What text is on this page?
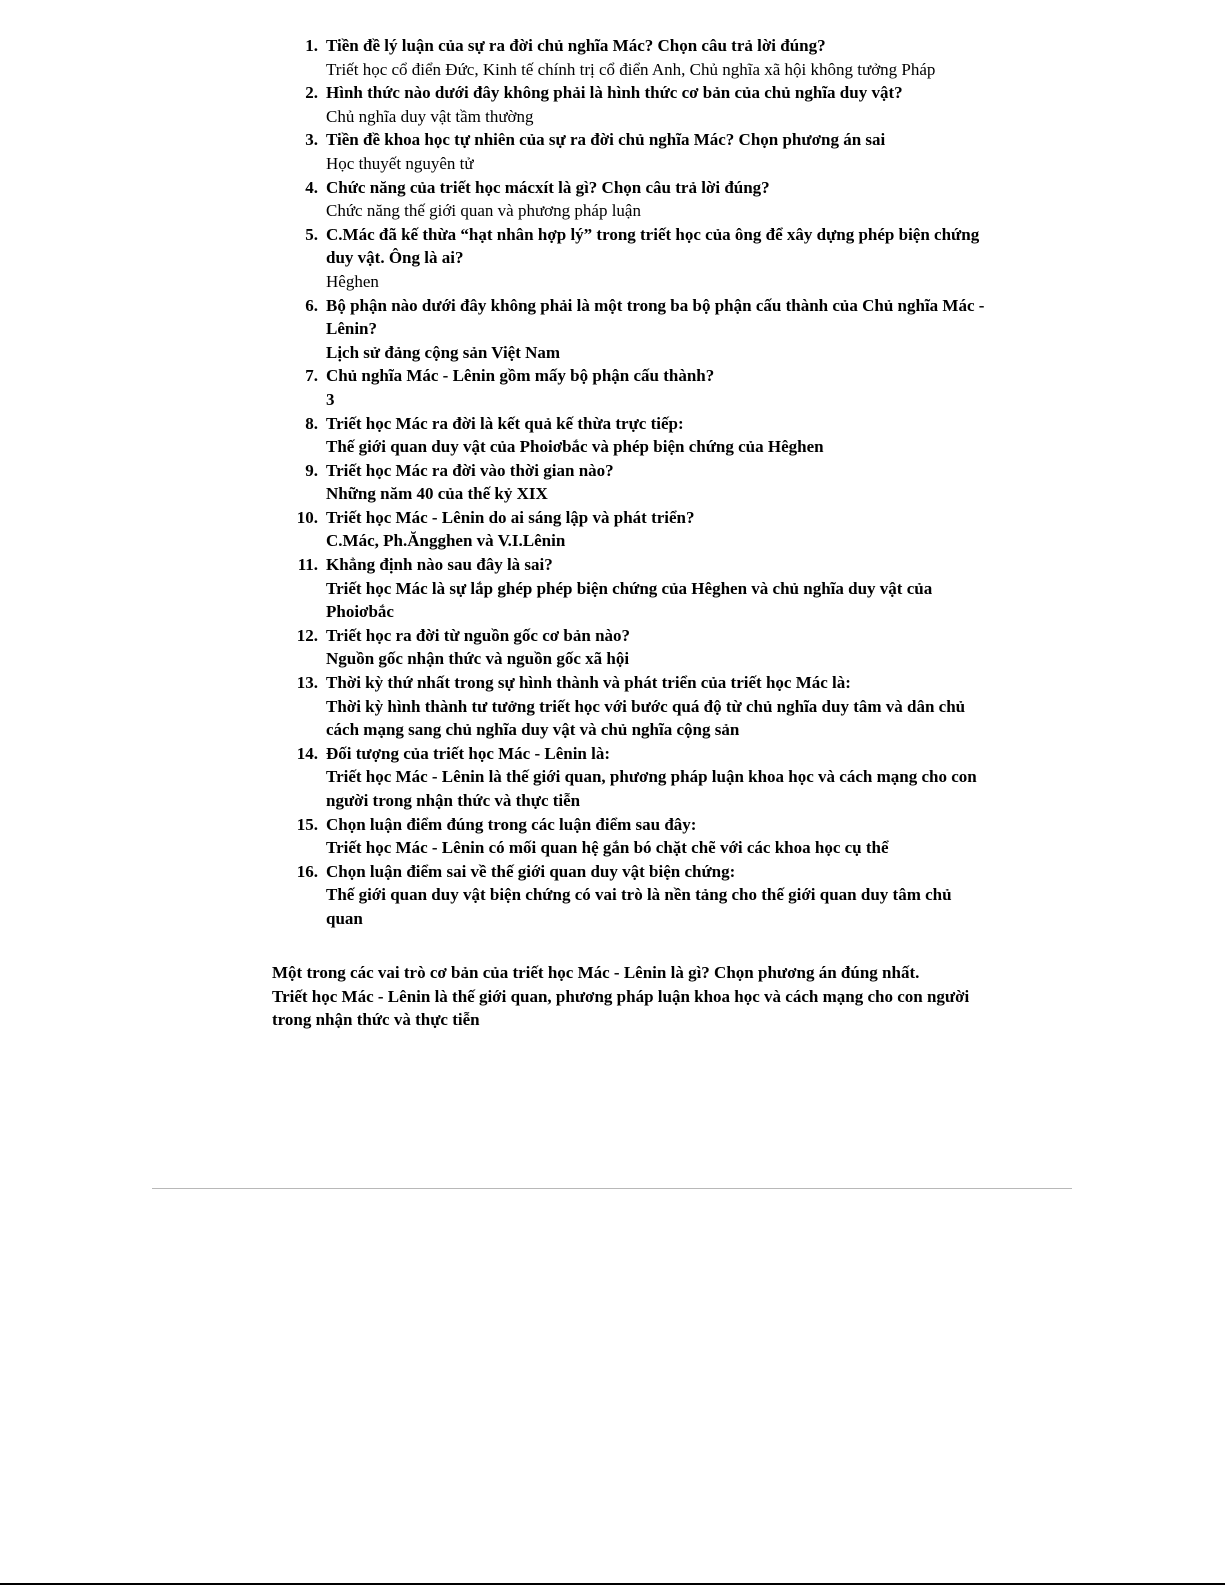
1. Tiền đề lý luận của sự ra đời chủ nghĩa Mác? Chọn câu trả lời đúng?
Triết học cổ điển Đức, Kinh tế chính trị cổ điển Anh, Chủ nghĩa xã hội không tưởng Pháp
2. Hình thức nào dưới đây không phải là hình thức cơ bản của chủ nghĩa duy vật?
Chủ nghĩa duy vật tầm thường
3. Tiền đề khoa học tự nhiên của sự ra đời chủ nghĩa Mác? Chọn phương án sai
Học thuyết nguyên tử
4. Chức năng của triết học mácxít là gì? Chọn câu trả lời đúng?
Chức năng thế giới quan và phương pháp luận
5. C.Mác đã kế thừa “hạt nhân hợp lý” trong triết học của ông để xây dựng phép biện chứng duy vật. Ông là ai?
Hêghen
6. Bộ phận nào dưới đây không phải là một trong ba bộ phận cấu thành của Chủ nghĩa Mác - Lênin?
Lịch sử đảng cộng sản Việt Nam
7. Chủ nghĩa Mác - Lênin gồm mấy bộ phận cấu thành?
3
8. Triết học Mác ra đời là kết quả kế thừa trực tiếp:
Thế giới quan duy vật của Phoiơbắc và phép biện chứng của Hêghen
9. Triết học Mác ra đời vào thời gian nào?
Những năm 40 của thế kỷ XIX
10. Triết học Mác - Lênin do ai sáng lập và phát triển?
C.Mác, Ph.Ăngghen và V.I.Lênin
11. Khẳng định nào sau đây là sai?
Triết học Mác là sự lắp ghép phép biện chứng của Hêghen và chủ nghĩa duy vật của Phoiơbắc
12. Triết học ra đời từ nguồn gốc cơ bản nào?
Nguồn gốc nhận thức và nguồn gốc xã hội
13. Thời kỳ thứ nhất trong sự hình thành và phát triển của triết học Mác là:
Thời kỳ hình thành tư tưởng triết học với bước quá độ từ chủ nghĩa duy tâm và dân chủ cách mạng sang chủ nghĩa duy vật và chủ nghĩa cộng sản
14. Đối tượng của triết học Mác - Lênin là:
Triết học Mác - Lênin là thế giới quan, phương pháp luận khoa học và cách mạng cho con người trong nhận thức và thực tiễn
15. Chọn luận điểm đúng trong các luận điểm sau đây:
Triết học Mác - Lênin có mối quan hệ gắn bó chặt chẽ với các khoa học cụ thể
16. Chọn luận điểm sai về thế giới quan duy vật biện chứng:
Thế giới quan duy vật biện chứng có vai trò là nền tảng cho thế giới quan duy tâm chủ quan

Một trong các vai trò cơ bản của triết học Mác - Lênin là gì? Chọn phương án đúng nhất.

Triết học Mác - Lênin là thế giới quan, phương pháp luận khoa học và cách mạng cho con người trong nhận thức và thực tiễn
